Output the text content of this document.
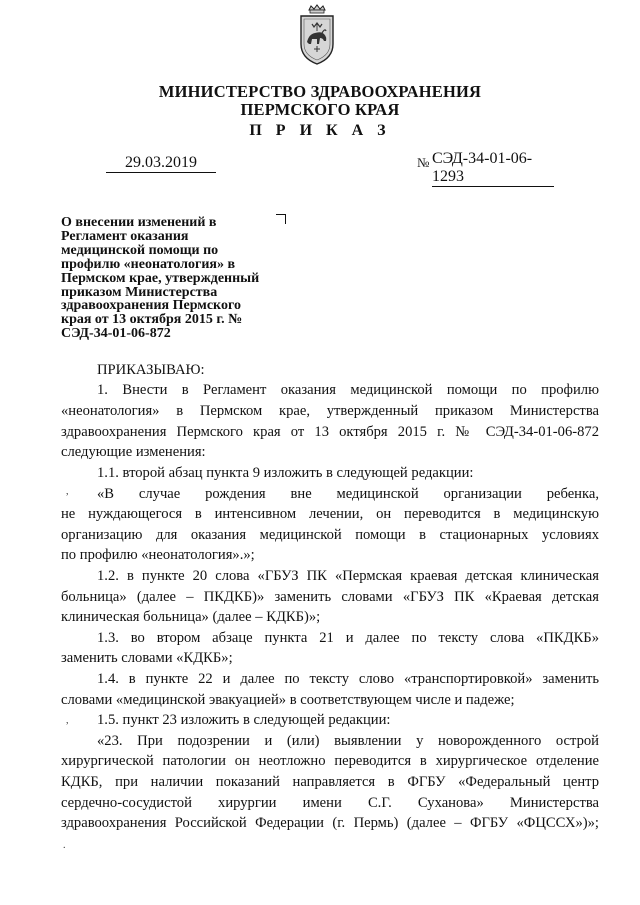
МИНИСТЕРСТВО ЗДРАВООХРАНЕНИЯ
ПЕРМСКОГО КРАЯ
П Р И К А З
29.03.2019	№ СЭД-34-01-06-1293
О внесении изменений в
Регламент оказания
медицинской помощи по
профилю «неонатология» в
Пермском крае, утвержденный
приказом Министерства
здравоохранения Пермского
края от 13 октября 2015 г. №
СЭД-34-01-06-872
ПРИКАЗЫВАЮ:
1. Внести в Регламент оказания медицинской помощи по профилю
«неонатология» в Пермском крае, утвержденный приказом Министерства
здравоохранения Пермского края от 13 октября 2015 г. № СЭД-34-01-06-872
следующие изменения:
1.1. второй абзац пункта 9 изложить в следующей редакции:
«В случае рождения вне медицинской организации ребенка,
не нуждающегося в интенсивном лечении, он переводится в медицинскую
организацию для оказания медицинской помощи в стационарных условиях
по профилю «неонатология».»;
1.2. в пункте 20 слова «ГБУЗ ПК «Пермская краевая детская клиническая
больница» (далее – ПКДКБ)» заменить словами «ГБУЗ ПК «Краевая детская
клиническая больница» (далее – КДКБ)»;
1.3. во втором абзаце пункта 21 и далее по тексту слова «ПКДКБ»
заменить словами «КДКБ»;
1.4. в пункте 22 и далее по тексту слово «транспортировкой» заменить
словами «медицинской эвакуацией» в соответствующем числе и падеже;
1.5. пункт 23 изложить в следующей редакции:
«23. При подозрении и (или) выявлении у новорожденного острой
хирургической патологии он неотложно переводится в хирургическое отделение
КДКБ, при наличии показаний направляется в ФГБУ «Федеральный центр
сердечно-сосудистой хирургии имени С.Г. Суханова» Министерства
здравоохранения Российской Федерации (г. Пермь) (далее – ФГБУ «ФЦССХ»)»;
,
,
.
